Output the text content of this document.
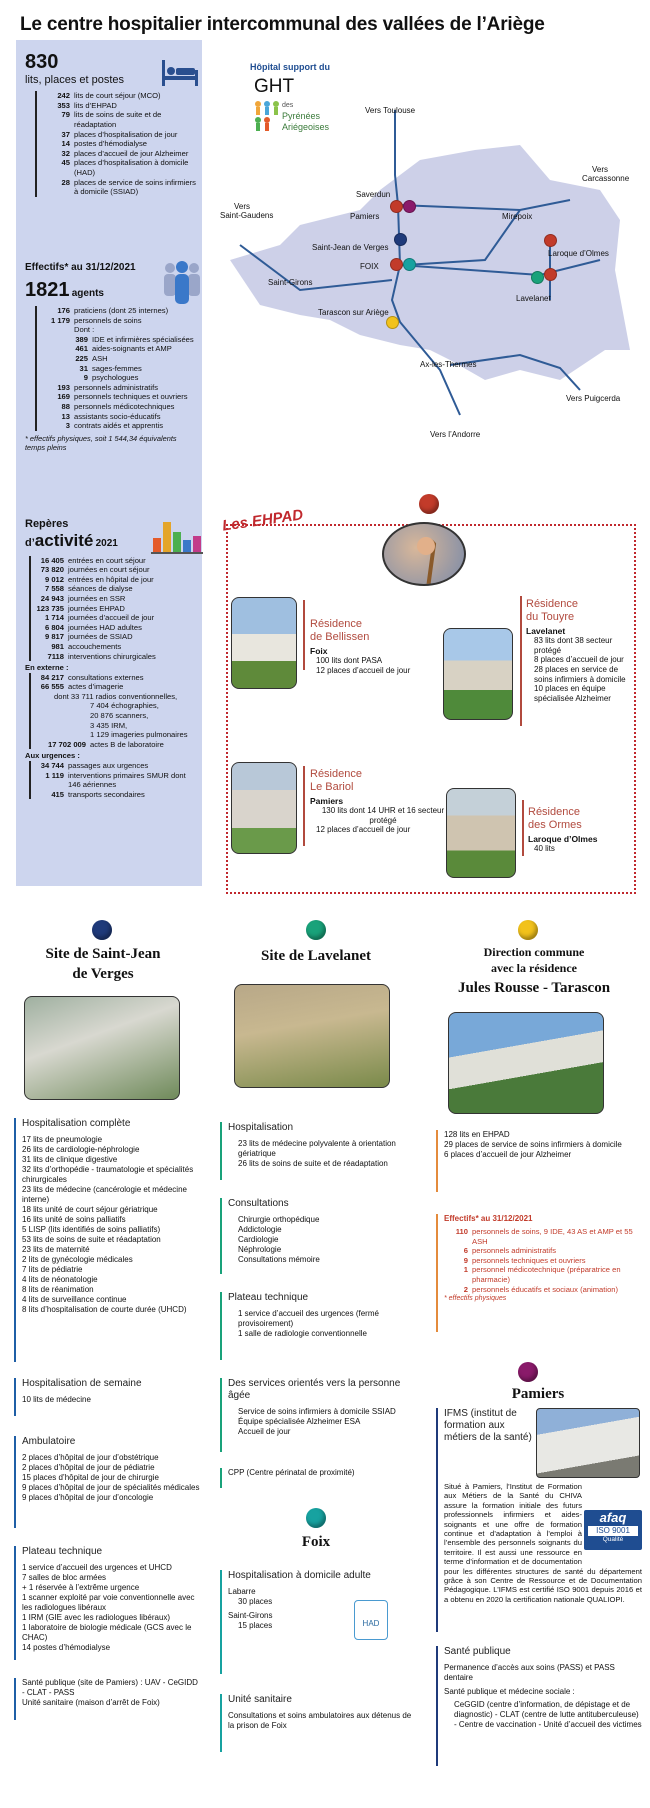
Le centre hospitalier intercommunal des vallées de l’Ariège
830
lits, places et postes
242 lits de court séjour (MCO)
353 lits d’EHPAD
79 lits de soins de suite et de réadaptation
37 places d’hospitalisation de jour
14 postes d’hémodialyse
32 places d’accueil de jour Alzheimer
45 places d’hospitalisation à domicile (HAD)
28 places de service de soins infirmiers à domicile (SSIAD)
Effectifs* au 31/12/2021
1821 agents
176 praticiens (dont 25 internes)
1 179 personnels de soins
Dont :
389 IDE et infirmières spécialisées
461 aides-soignants et AMP
225 ASH
31 sages-femmes
9 psychologues
193 personnels administratifs
169 personnels techniques et ouvriers
88 personnels médicotechniques
13 assistants socio-éducatifs
3 contrats aidés et apprentis
* effectifs physiques, soit 1 544,34 équivalents temps pleins
Repères
d’activité 2021
16 405 entrées en court séjour
73 820 journées en court séjour
9 012 entrées en hôpital de jour
7 558 séances de dialyse
24 943 journées en SSR
123 735 journées EHPAD
1 714 journées d’accueil de jour
6 804 journées HAD adultes
9 817 journées de SSIAD
981 accouchements
7118 interventions chirurgicales
En externe :
84 217 consultations externes
66 555 actes d’imagerie
dont 33 711 radios conventionnelles,
7 404 échographies,
20 876 scanners,
3 435 IRM,
1 129 imageries pulmonaires
17 702 009 actes B de laboratoire
Aux urgences :
34 744 passages aux urgences
1 119 interventions primaires SMUR dont 146 aériennes
415 transports secondaires
Hôpital support du
GHT
des
Pyrénées
Ariégeoises
Vers Toulouse
Vers
Carcassonne
Vers
Saint-Gaudens
Vers Puigcerda
Vers l’Andorre
Saverdun
Pamiers	Mirepoix
Laroque d’Olmes
Saint-Jean de Verges
FOIX
Lavelanet
Saint-Girons
Tarascon sur Ariège
Ax-les-Thermes
Les EHPAD
Résidence
de Bellissen
Foix
100 lits dont PASA
12 places d’accueil de jour
Résidence
du Touyre
Lavelanet

83 lits dont 38 secteur protégé

8 places d’accueil de jour

28 places en service de soins infirmiers à domicile

10 places en équipe spécialisée Alzheimer

Résidence
Le Bariol
Pamiers
130 lits dont 14 UHR et 16 secteur protégé
12 places d’accueil de jour
Résidence
des Ormes
Laroque d’Olmes
40 lits
Site de Saint-Jean
de Verges
Hospitalisation complète

17 lits de pneumologie

26 lits de cardiologie-néphrologie

31 lits de clinique digestive

32 lits d’orthopédie - traumatologie et spécialités chirurgicales

23 lits de médecine (cancérologie et médecine interne)

18 lits unité de court séjour gériatrique

16 lits unité de soins palliatifs

5 LISP (lits identifiés de soins palliatifs)

53 lits de soins de suite et réadaptation

23 lits de maternité

2 lits de gynécologie médicales

7 lits de pédiatrie

4 lits de néonatologie

8 lits de réanimation

4 lits de surveillance continue

8 lits d’hospitalisation de courte durée (UHCD)

Hospitalisation de semaine

10 lits de médecine

Ambulatoire

2 places d’hôpital de jour d’obstétrique

2 places d’hôpital de jour de pédiatrie

15 places d’hôpital de jour de chirurgie

9 places d’hôpital de jour de spécialités médicales

9 places d’hôpital de jour d’oncologie

Plateau technique

1 service d’accueil des urgences et UHCD

7 salles de bloc armées

+ 1 réservée à l’extrême urgence

1 scanner exploité par voie conventionnelle avec les radiologues libéraux

1 IRM (GIE avec les radiologues libéraux)

1 laboratoire de biologie médicale (GCS avec le CHAC)

14 postes d’hémodialyse

Santé publique (site de Pamiers) : UAV - CeGIDD - CLAT - PASS

Unité sanitaire (maison d’arrêt de Foix)

Site de Lavelanet
Hospitalisation

23 lits de médecine polyvalente à orientation gériatrique

26 lits de soins de suite et de réadaptation

Consultations

Chirurgie orthopédique

Addictologie

Cardiologie

Néphrologie

Consultations mémoire

Plateau technique

1 service d’accueil des urgences (fermé provisoirement)

1 salle de radiologie conventionnelle

Des services orientés vers la personne âgée

Service de soins infirmiers à domicile SSIAD

Équipe spécialisée Alzheimer ESA

Accueil de jour

CPP (Centre périnatal de proximité)

Foix
Hospitalisation à domicile adulte

Labarre

30 places

Saint-Girons

15 places	HAD
Unité sanitaire

Consultations et soins ambulatoires aux détenus de la prison de Foix

Direction commune
avec la résidence
Jules Rousse - Tarascon

128 lits en EHPAD

29 places de service de soins infirmiers à domicile

6 places d’accueil de jour Alzheimer

Effectifs* au 31/12/2021

110 personnels de soins, 9 IDE, 43 AS et AMP et 55 ASH
6 personnels administratifs
9 personnels techniques et ouvriers
1 personnel médicotechnique (préparatrice en pharmacie)
2 personnels éducatifs et sociaux (animation)

* effectifs physiques

Pamiers
IFMS (institut de formation aux métiers de la santé)
afaq
ISO 9001
Qualité

Situé à Pamiers, l’Institut de Formation aux Métiers de la Santé du CHIVA assure la formation initiale des futurs professionnels infirmiers et aides-soignants et une offre de formation continue et d’adaptation à l’emploi à l’ensemble des personnels soignants du territoire. Il est aussi une ressource en terme d’information et de documentation pour les différentes structures de santé du département grâce à son Centre de Ressource et de Documentation Pédagogique. L’IFMS est certifié ISO 9001 depuis 2016 et a obtenu en 2020 la certification nationale QUALIOPI.

Santé publique

Permanence d’accès aux soins (PASS) et PASS dentaire

Santé publique et médecine sociale :

CeGGID (centre d’information, de dépistage et de diagnostic) - CLAT (centre de lutte antituberculeuse) - Centre de vaccination - Unité d’accueil des victimes
